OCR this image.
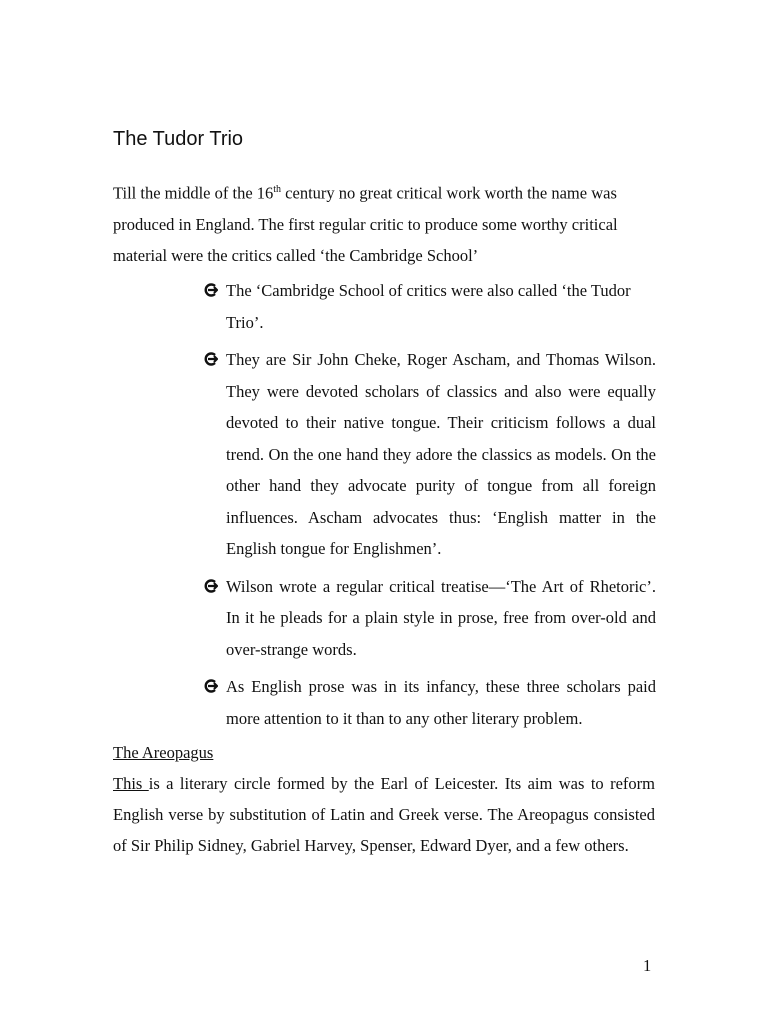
The Tudor Trio

Till the middle of the 16th century no great critical work worth the name was produced in England. The first regular critic to produce some worthy critical material were the critics called ‘the Cambridge School’

The ‘Cambridge School of critics were also called ‘the Tudor Trio’.
They are Sir John Cheke, Roger Ascham, and Thomas Wilson. They were devoted scholars of classics and also were equally devoted to their native tongue. Their criticism follows a dual trend. On the one hand they adore the classics as models. On the other hand they advocate purity of tongue from all foreign influences. Ascham advocates thus: ‘English matter in the English tongue for Englishmen’.
Wilson wrote a regular critical treatise—‘The Art of Rhetoric’. In it he pleads for a plain style in prose, free from over-old and over-strange words.
As English prose was in its infancy, these three scholars paid more attention to it than to any other literary problem.

The Areopagus

This is a literary circle formed by the Earl of Leicester. Its aim was to reform English verse by substitution of Latin and Greek verse. The Areopagus consisted of Sir Philip Sidney, Gabriel Harvey, Spenser, Edward Dyer, and a few others.

1
